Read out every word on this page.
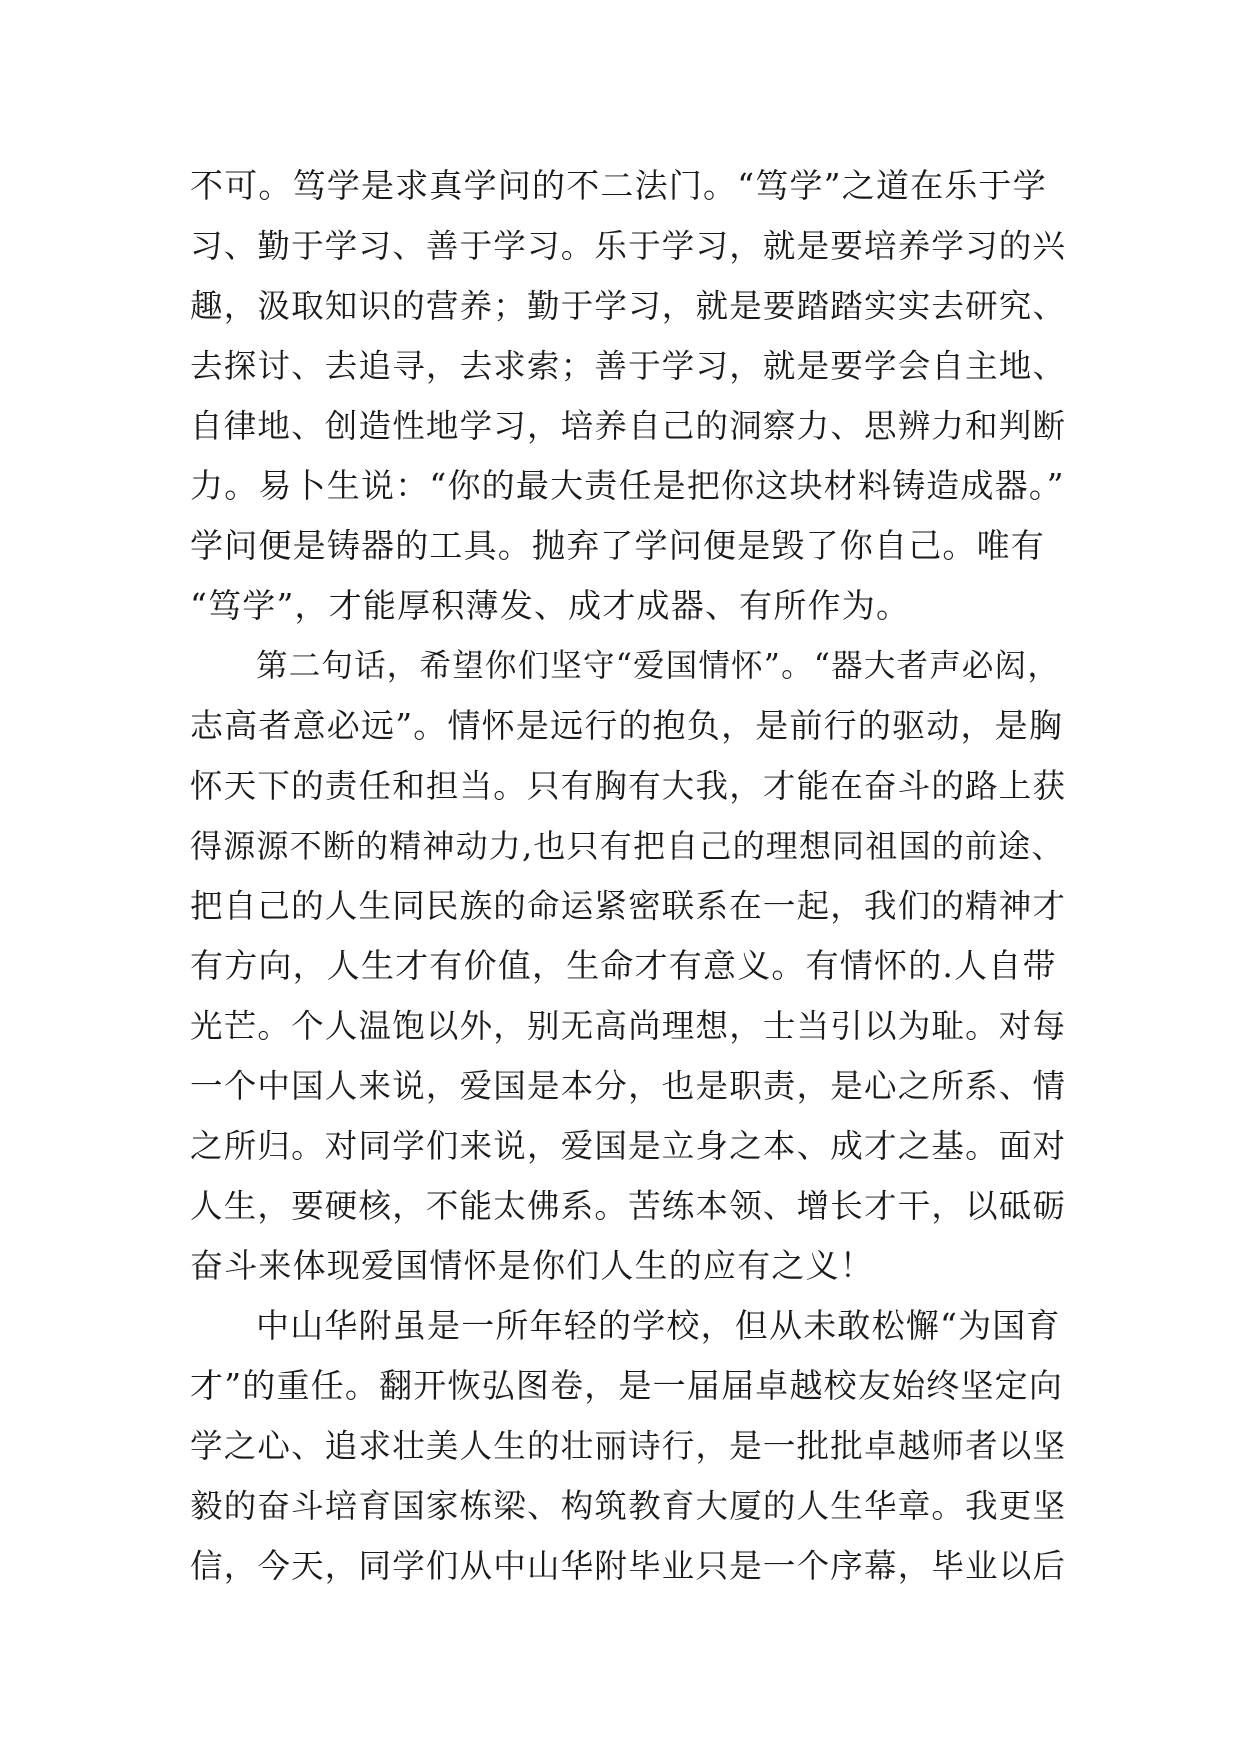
不可。笃学是求真学问的不二法门。“笃学”之道在乐于学
习、勤于学习、善于学习。乐于学习，就是要培养学习的兴
趣，汲取知识的营养；勤于学习，就是要踏踏实实去研究、
去探讨、去追寻，去求索；善于学习，就是要学会自主地、
自律地、创造性地学习，培养自己的洞察力、思辨力和判断
力。易卜生说：“你的最大责任是把你这块材料铸造成器。”
学问便是铸器的工具。抛弃了学问便是毁了你自己。唯有
“笃学”，才能厚积薄发、成才成器、有所作为。
第二句话，希望你们坚守“爱国情怀”。“器大者声必闳，
志高者意必远”。情怀是远行的抱负，是前行的驱动，是胸
怀天下的责任和担当。只有胸有大我，才能在奋斗的路上获
得源源不断的精神动力,也只有把自己的理想同祖国的前途、
把自己的人生同民族的命运紧密联系在一起，我们的精神才
有方向，人生才有价值，生命才有意义。有情怀的.人自带
光芒。个人温饱以外，别无高尚理想，士当引以为耻。对每
一个中国人来说，爱国是本分，也是职责，是心之所系、情
之所归。对同学们来说，爱国是立身之本、成才之基。面对
人生，要硬核，不能太佛系。苦练本领、增长才干，以砥砺
奋斗来体现爱国情怀是你们人生的应有之义！
中山华附虽是一所年轻的学校，但从未敢松懈“为国育
才”的重任。翻开恢弘图卷，是一届届卓越校友始终坚定向
学之心、追求壮美人生的壮丽诗行，是一批批卓越师者以坚
毅的奋斗培育国家栋梁、构筑教育大厦的人生华章。我更坚
信，今天，同学们从中山华附毕业只是一个序幕，毕业以后
